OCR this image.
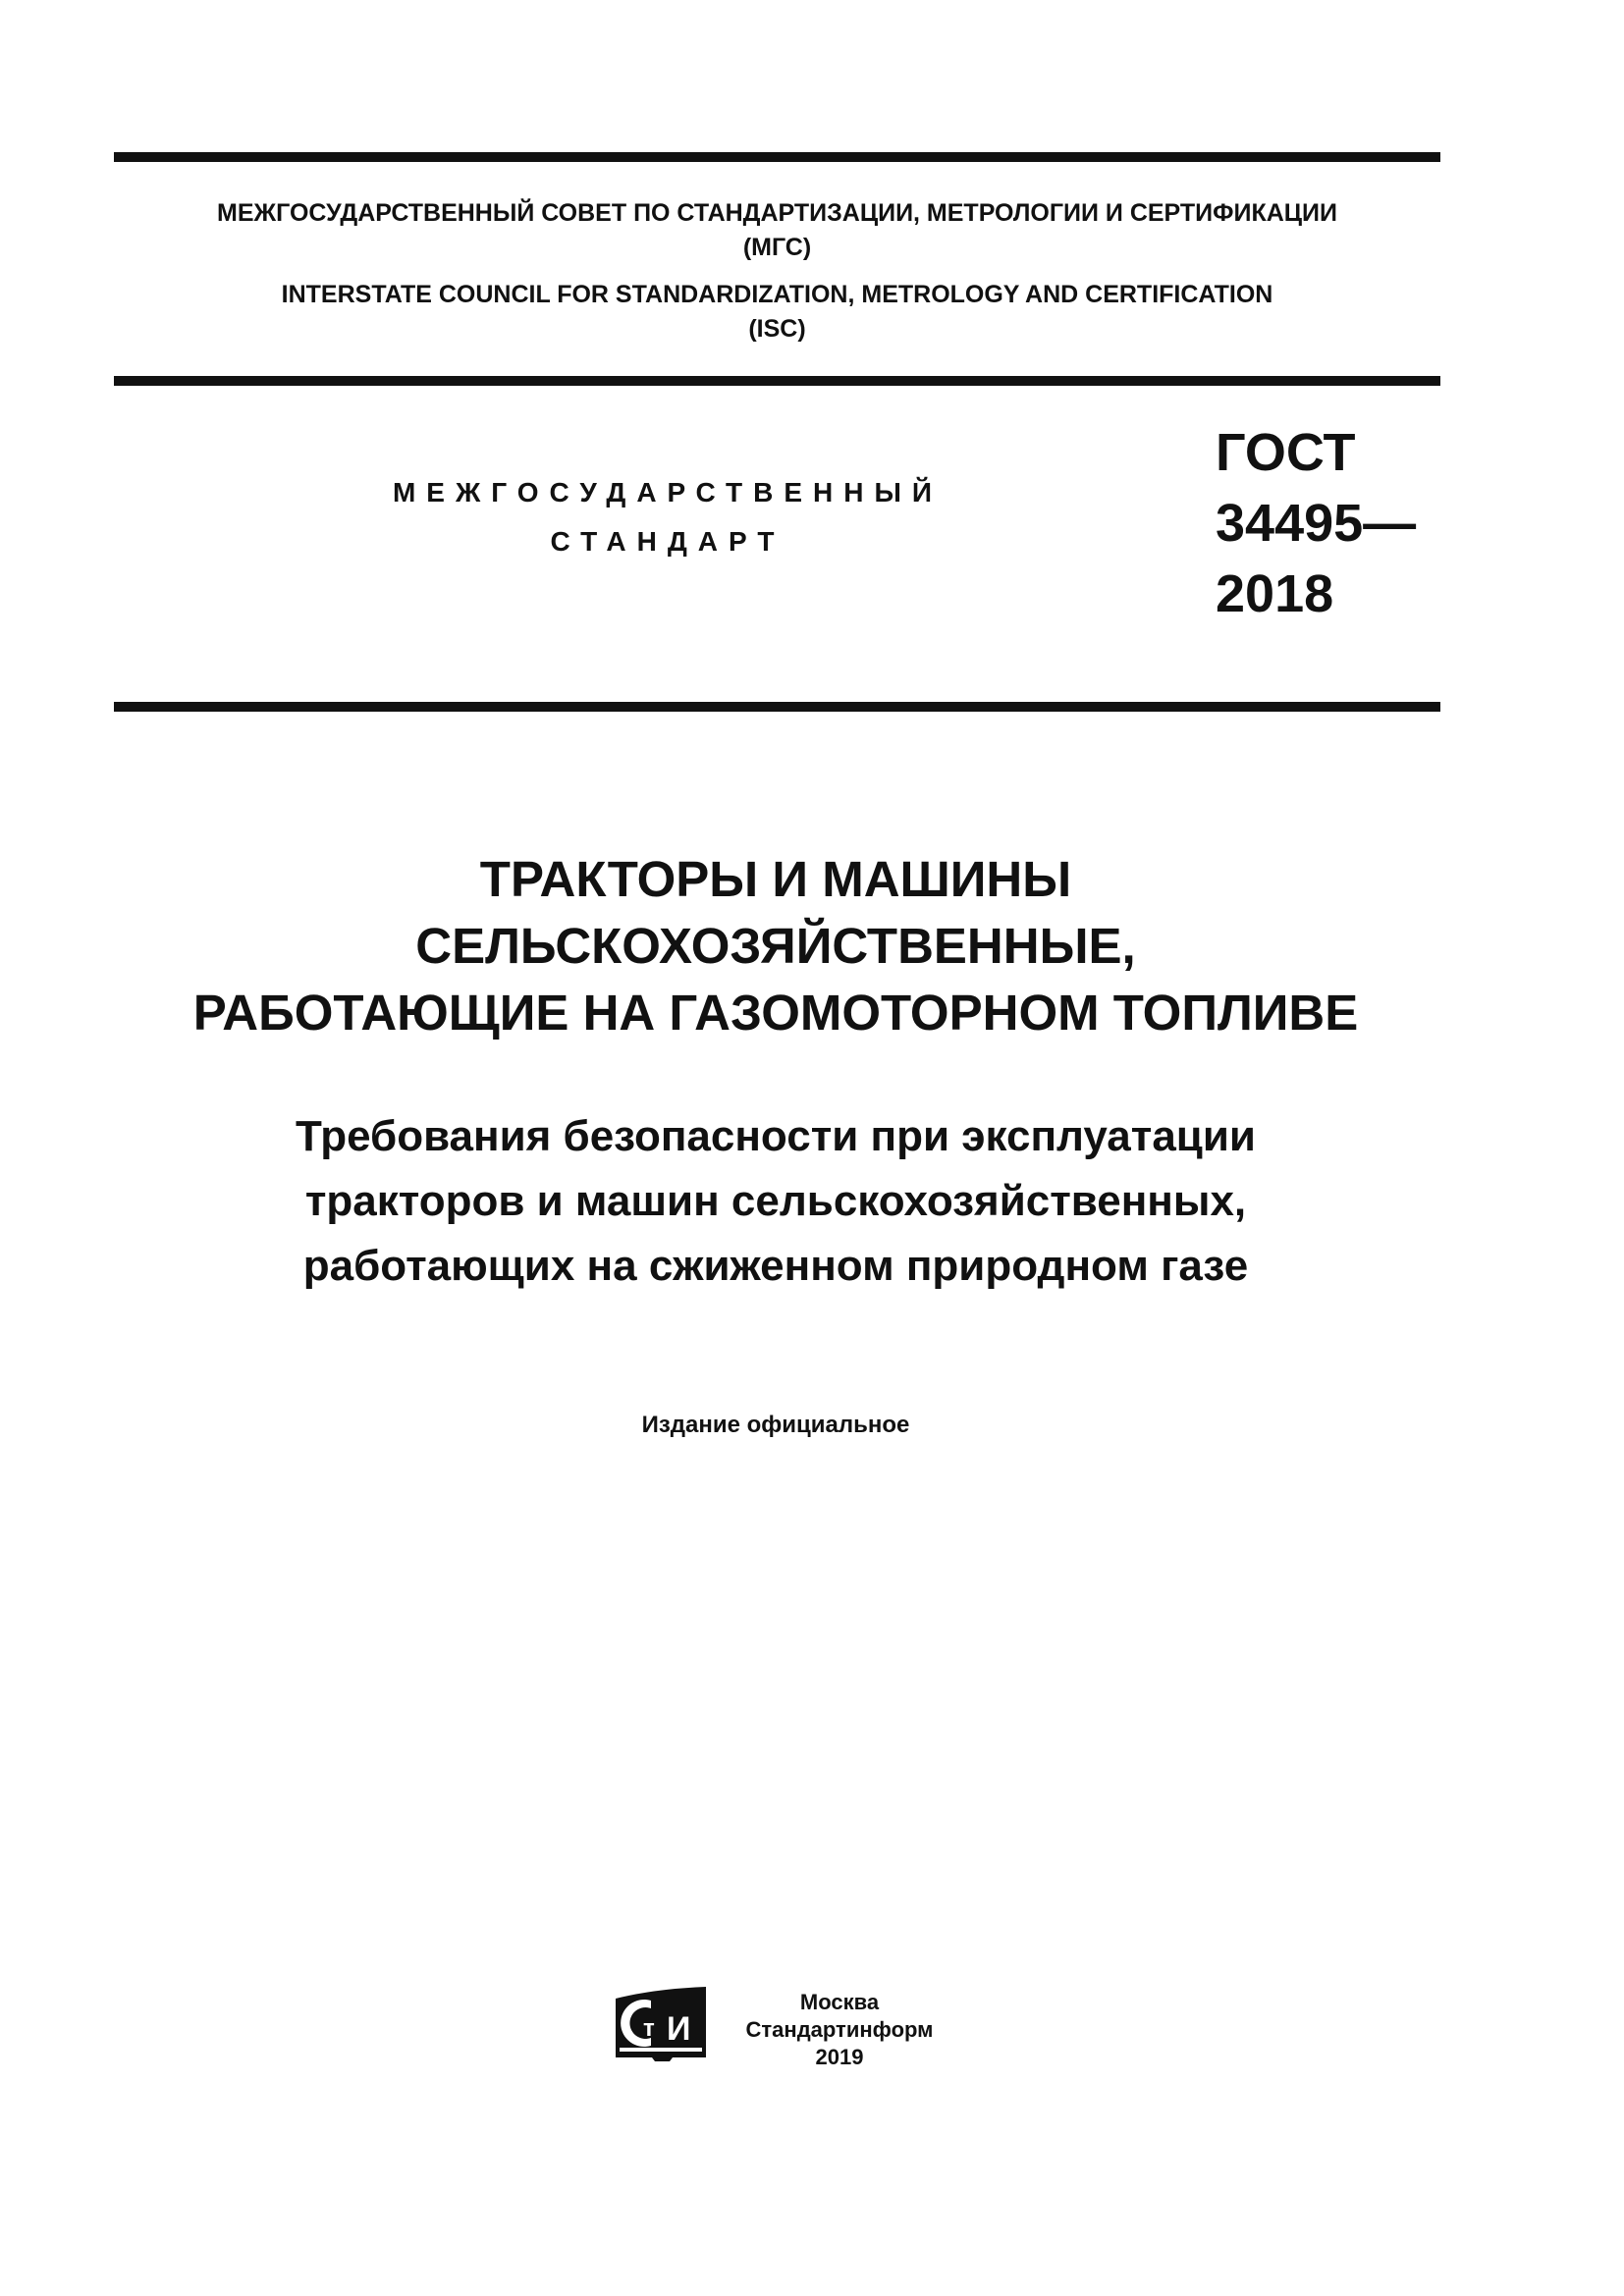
МЕЖГОСУДАРСТВЕННЫЙ СОВЕТ ПО СТАНДАРТИЗАЦИИ, МЕТРОЛОГИИ И СЕРТИФИКАЦИИ
(МГС)
INTERSTATE COUNCIL FOR STANDARDIZATION, METROLOGY AND CERTIFICATION
(ISC)
МЕЖГОСУДАРСТВЕННЫЙ
СТАНДАРТ
ГОСТ
34495—
2018
ТРАКТОРЫ И МАШИНЫ
СЕЛЬСКОХОЗЯЙСТВЕННЫЕ,
РАБОТАЮЩИЕ НА ГАЗОМОТОРНОМ ТОПЛИВЕ
Требования безопасности при эксплуатации
тракторов и машин сельскохозяйственных,
работающих на сжиженном природном газе
Издание официальное
т И
Москва
Стандартинформ
2019
